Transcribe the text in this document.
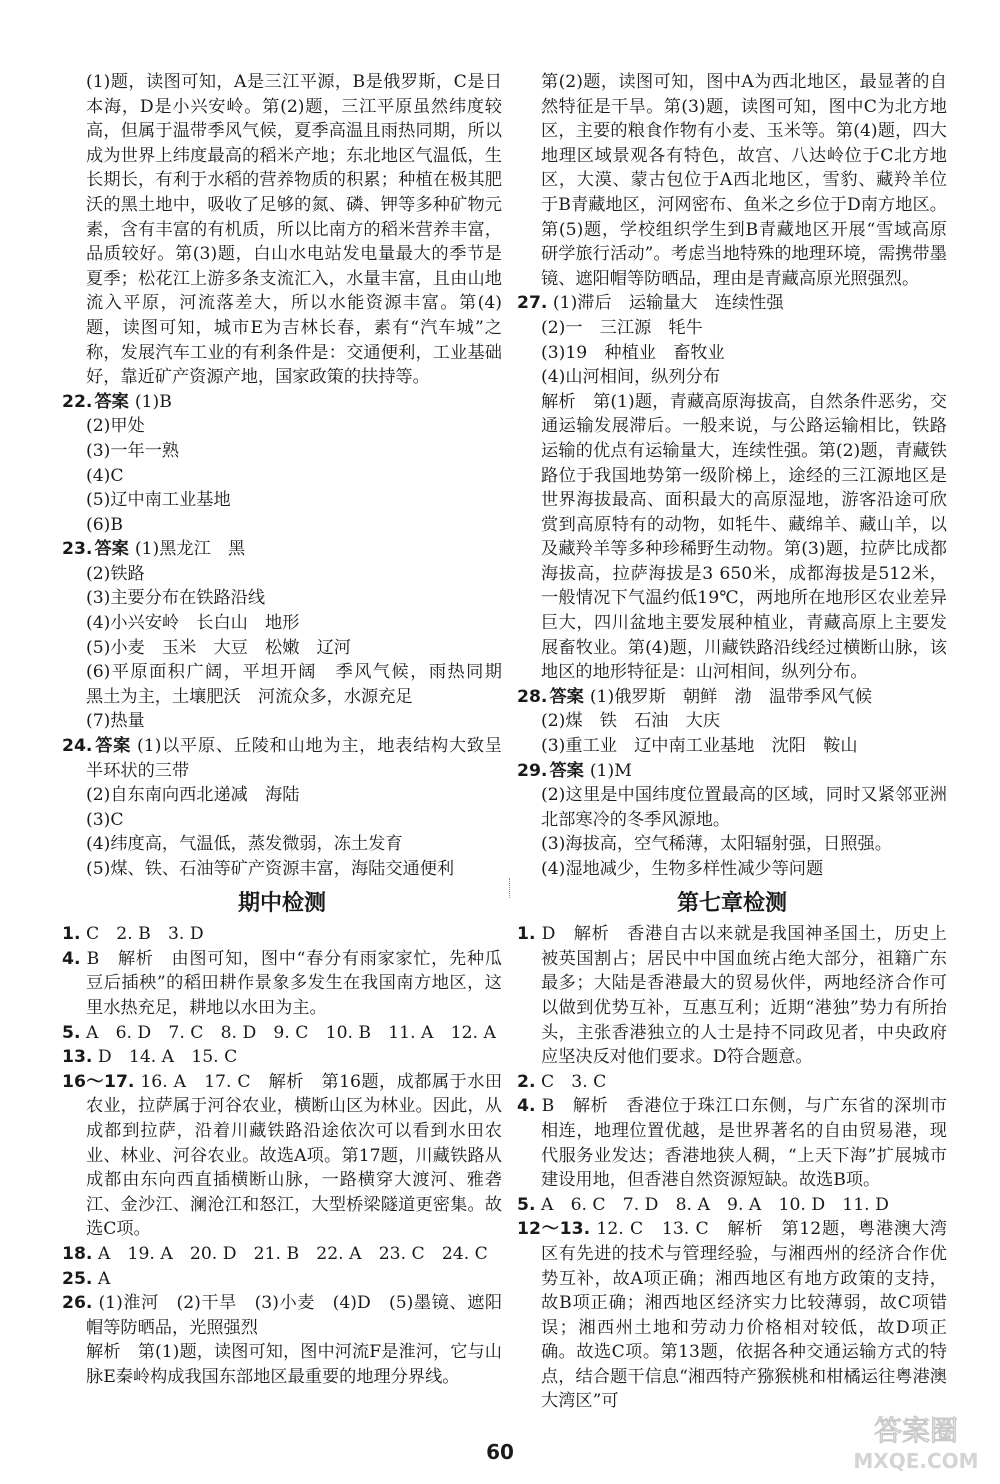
(1)题，读图可知，A是三江平源，B是俄罗斯，C是日本海，D是小兴安岭。第(2)题，三江平原虽然纬度较高，但属于温带季风气候，夏季高温且雨热同期，所以成为世界上纬度最高的稻米产地；东北地区气温低，生长期长，有利于水稻的营养物质的积累；种植在极其肥沃的黑土地中，吸收了足够的氮、磷、钾等多种矿物元素，含有丰富的有机质，所以比南方的稻米营养丰富，品质较好。第(3)题，白山水电站发电量最大的季节是夏季；松花江上游多条支流汇入，水量丰富，且由山地流入平原，河流落差大，所以水能资源丰富。第(4)题，读图可知，城市E为吉林长春，素有“汽车城”之称，发展汽车工业的有利条件是：交通便利，工业基础好，靠近矿产资源产地，国家政策的扶持等。

22. 答案 (1)B

(2)甲处

(3)一年一熟

(4)C

(5)辽中南工业基地

(6)B

23. 答案 (1)黑龙江　黑

(2)铁路

(3)主要分布在铁路沿线

(4)小兴安岭　长白山　地形

(5)小麦　玉米　大豆　松嫩　辽河

(6)平原面积广阔，平坦开阔　季风气候，雨热同期　黑土为主，土壤肥沃　河流众多，水源充足

(7)热量

24. 答案 (1)以平原、丘陵和山地为主，地表结构大致呈半环状的三带

(2)自东南向西北递减　海陆

(3)C

(4)纬度高，气温低，蒸发微弱，冻土发育

(5)煤、铁、石油等矿产资源丰富，海陆交通便利

期中检测

1. C　2. B　3. D

4. B　解析　由图可知，图中“春分有雨家家忙，先种瓜豆后插秧”的稻田耕作景象多发生在我国南方地区，这里水热充足，耕地以水田为主。

5. A　6. D　7. C　8. D　9. C　10. B　11. A　12. A

13. D　14. A　15. C

16～17. 16. A　17. C　解析　第16题，成都属于水田农业，拉萨属于河谷农业，横断山区为林业。因此，从成都到拉萨，沿着川藏铁路沿途依次可以看到水田农业、林业、河谷农业。故选A项。第17题，川藏铁路从成都由东向西直插横断山脉，一路横穿大渡河、雅砻江、金沙江、澜沧江和怒江，大型桥梁隧道更密集。故选C项。

18. A　19. A　20. D　21. B　22. A　23. C　24. C

25. A

26. (1)淮河　(2)干旱　(3)小麦　(4)D　(5)墨镜、遮阳帽等防晒品，光照强烈

解析　第(1)题，读图可知，图中河流F是淮河，它与山脉E秦岭构成我国东部地区最重要的地理分界线。

第(2)题，读图可知，图中A为西北地区，最显著的自然特征是干旱。第(3)题，读图可知，图中C为北方地区，主要的粮食作物有小麦、玉米等。第(4)题，四大地理区域景观各有特色，故宫、八达岭位于C北方地区，大漠、蒙古包位于A西北地区，雪豹、藏羚羊位于B青藏地区，河网密布、鱼米之乡位于D南方地区。第(5)题，学校组织学生到B青藏地区开展“雪域高原研学旅行活动”。考虑当地特殊的地理环境，需携带墨镜、遮阳帽等防晒品，理由是青藏高原光照强烈。

27. (1)滞后　运输量大　连续性强

(2)一　三江源　牦牛

(3)19　种植业　畜牧业

(4)山河相间，纵列分布

解析　第(1)题，青藏高原海拔高，自然条件恶劣，交通运输发展滞后。一般来说，与公路运输相比，铁路运输的优点有运输量大，连续性强。第(2)题，青藏铁路位于我国地势第一级阶梯上，途经的三江源地区是世界海拔最高、面积最大的高原湿地，游客沿途可欣赏到高原特有的动物，如牦牛、藏绵羊、藏山羊，以及藏羚羊等多种珍稀野生动物。第(3)题，拉萨比成都海拔高，拉萨海拔是3 650米，成都海拔是512米，一般情况下气温约低19℃，两地所在地形区农业差异巨大，四川盆地主要发展种植业，青藏高原上主要发展畜牧业。第(4)题，川藏铁路沿线经过横断山脉，该地区的地形特征是：山河相间，纵列分布。

28. 答案 (1)俄罗斯　朝鲜　渤　温带季风气候

(2)煤　铁　石油　大庆

(3)重工业　辽中南工业基地　沈阳　鞍山

29. 答案 (1)M

(2)这里是中国纬度位置最高的区域，同时又紧邻亚洲北部寒冷的冬季风源地。

(3)海拔高，空气稀薄，太阳辐射强，日照强。

(4)湿地减少，生物多样性减少等问题

第七章检测

1. D　解析　香港自古以来就是我国神圣国土，历史上被英国割占；居民中中国血统占绝大部分，祖籍广东最多；大陆是香港最大的贸易伙伴，两地经济合作可以做到优势互补，互惠互利；近期“港独”势力有所抬头，主张香港独立的人士是持不同政见者，中央政府应坚决反对他们要求。D符合题意。

2. C　3. C

4. B　解析　香港位于珠江口东侧，与广东省的深圳市相连，地理位置优越，是世界著名的自由贸易港，现代服务业发达；香港地狭人稠，“上天下海”扩展城市建设用地，但香港自然资源短缺。故选B项。

5. A　6. C　7. D　8. A　9. A　10. D　11. D

12～13. 12. C　13. C　解析　第12题，粤港澳大湾区有先进的技术与管理经验，与湘西州的经济合作优势互补，故A项正确；湘西地区有地方政策的支持，故B项正确；湘西地区经济实力比较薄弱，故C项错误；湘西州土地和劳动力价格相对较低，故D项正确。故选C项。第13题，依据各种交通运输方式的特点，结合题干信息“湘西特产猕猴桃和柑橘运往粤港澳大湾区”可

60
答案圈
MXQE.COM
